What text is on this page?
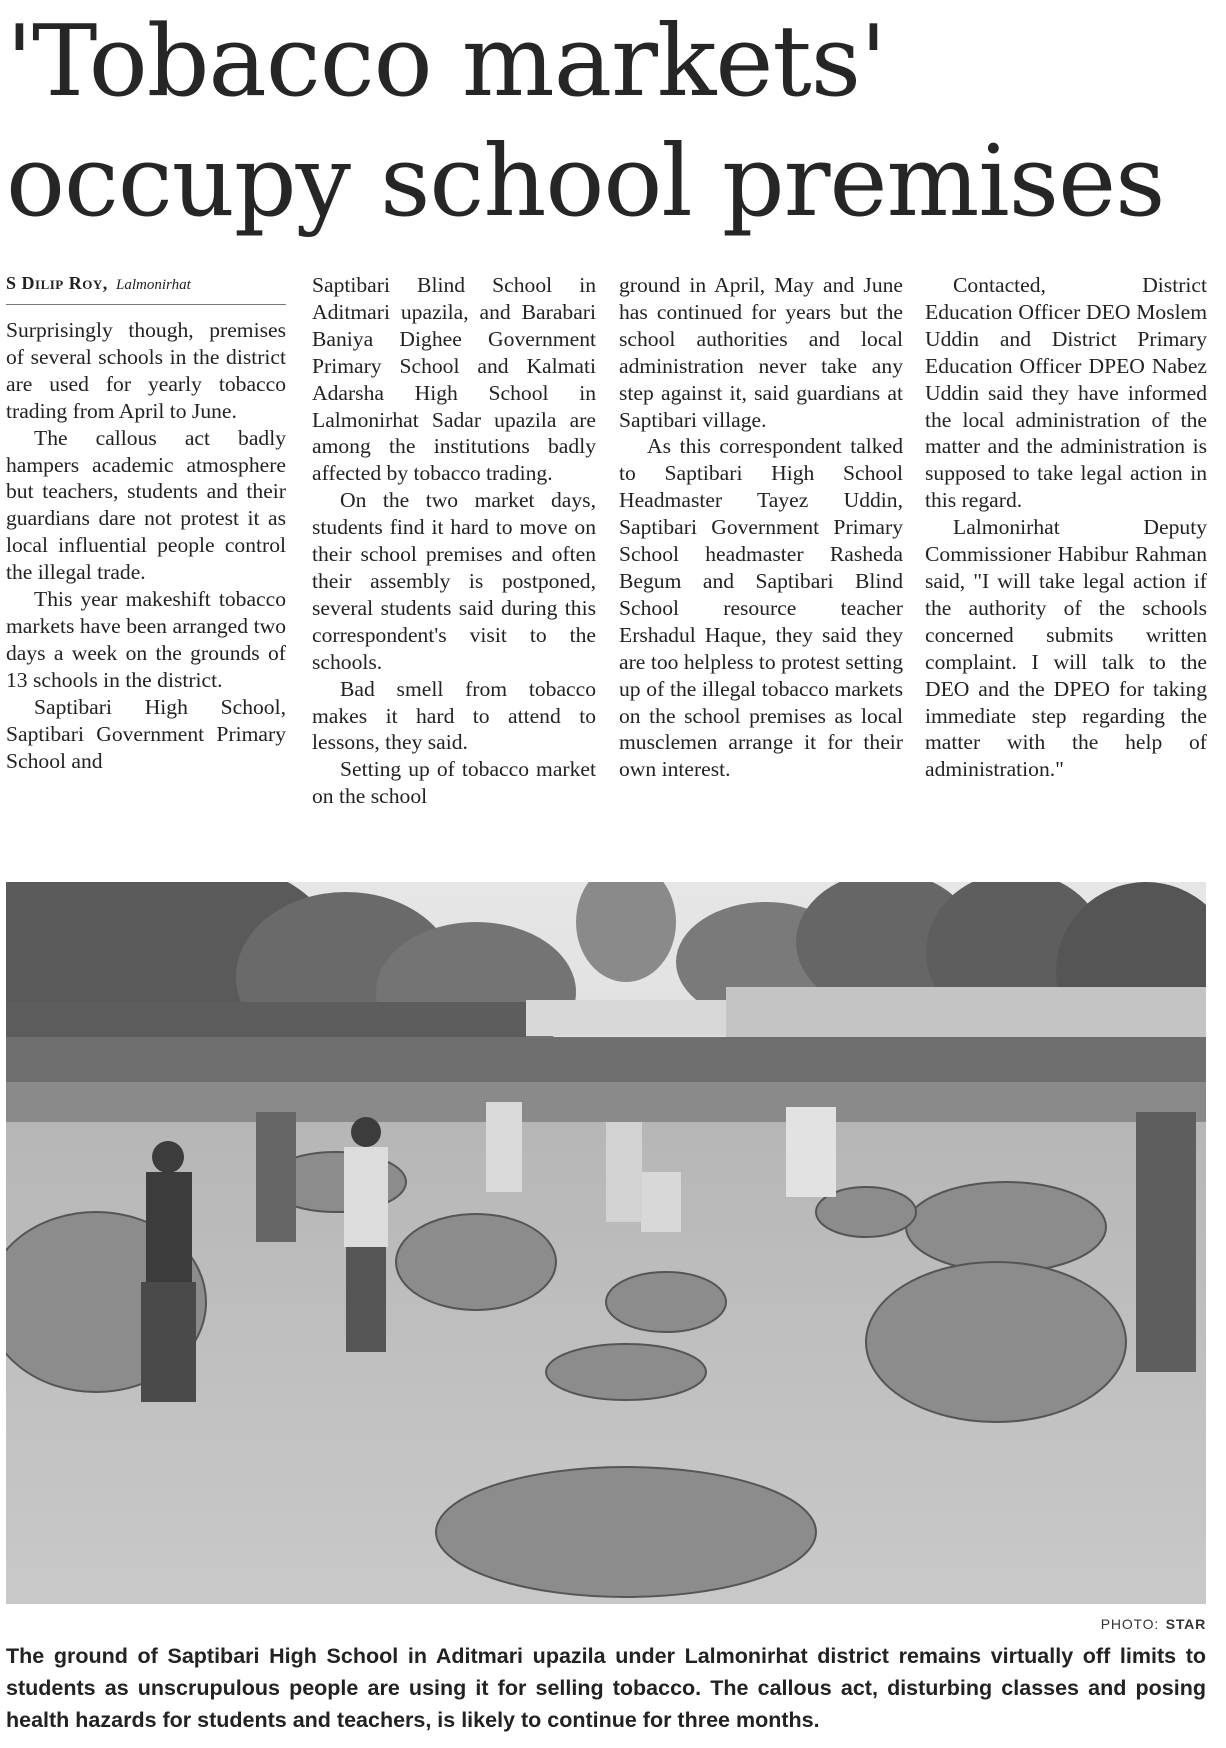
'Tobacco markets' occupy school premises
S Dilip Roy, Lalmonirhat

Surprisingly though, premises of several schools in the district are used for yearly tobacco trading from April to June.

The callous act badly hampers academic atmosphere but teachers, students and their guardians dare not protest it as local influential people control the illegal trade.

This year makeshift tobacco markets have been arranged two days a week on the grounds of 13 schools in the district.

Saptibari High School, Saptibari Government Primary School and

Saptibari Blind School in Aditmari upazila, and Barabari Baniya Dighee Government Primary School and Kalmati Adarsha High School in Lalmonirhat Sadar upazila are among the institutions badly affected by tobacco trading.

On the two market days, students find it hard to move on their school premises and often their assembly is postponed, several students said during this correspondent's visit to the schools.

Bad smell from tobacco makes it hard to attend to lessons, they said.

Setting up of tobacco market on the school

ground in April, May and June has continued for years but the school authorities and local administration never take any step against it, said guardians at Saptibari village.

As this correspondent talked to Saptibari High School Headmaster Tayez Uddin, Saptibari Government Primary School headmaster Rasheda Begum and Saptibari Blind School resource teacher Ershadul Haque, they said they are too helpless to protest setting up of the illegal tobacco markets on the school premises as local musclemen arrange it for their own interest.

Contacted, District Education Officer DEO Moslem Uddin and District Primary Education Officer DPEO Nabez Uddin said they have informed the local administration of the matter and the administration is supposed to take legal action in this regard.

Lalmonirhat Deputy Commissioner Habibur Rahman said, "I will take legal action if the authority of the schools concerned submits written complaint. I will talk to the DEO and the DPEO for taking immediate step regarding the matter with the help of administration."

PHOTO: STAR

The ground of Saptibari High School in Aditmari upazila under Lalmonirhat district remains virtually off limits to students as unscrupulous people are using it for selling tobacco. The callous act, disturbing classes and posing health hazards for students and teachers, is likely to continue for three months.
